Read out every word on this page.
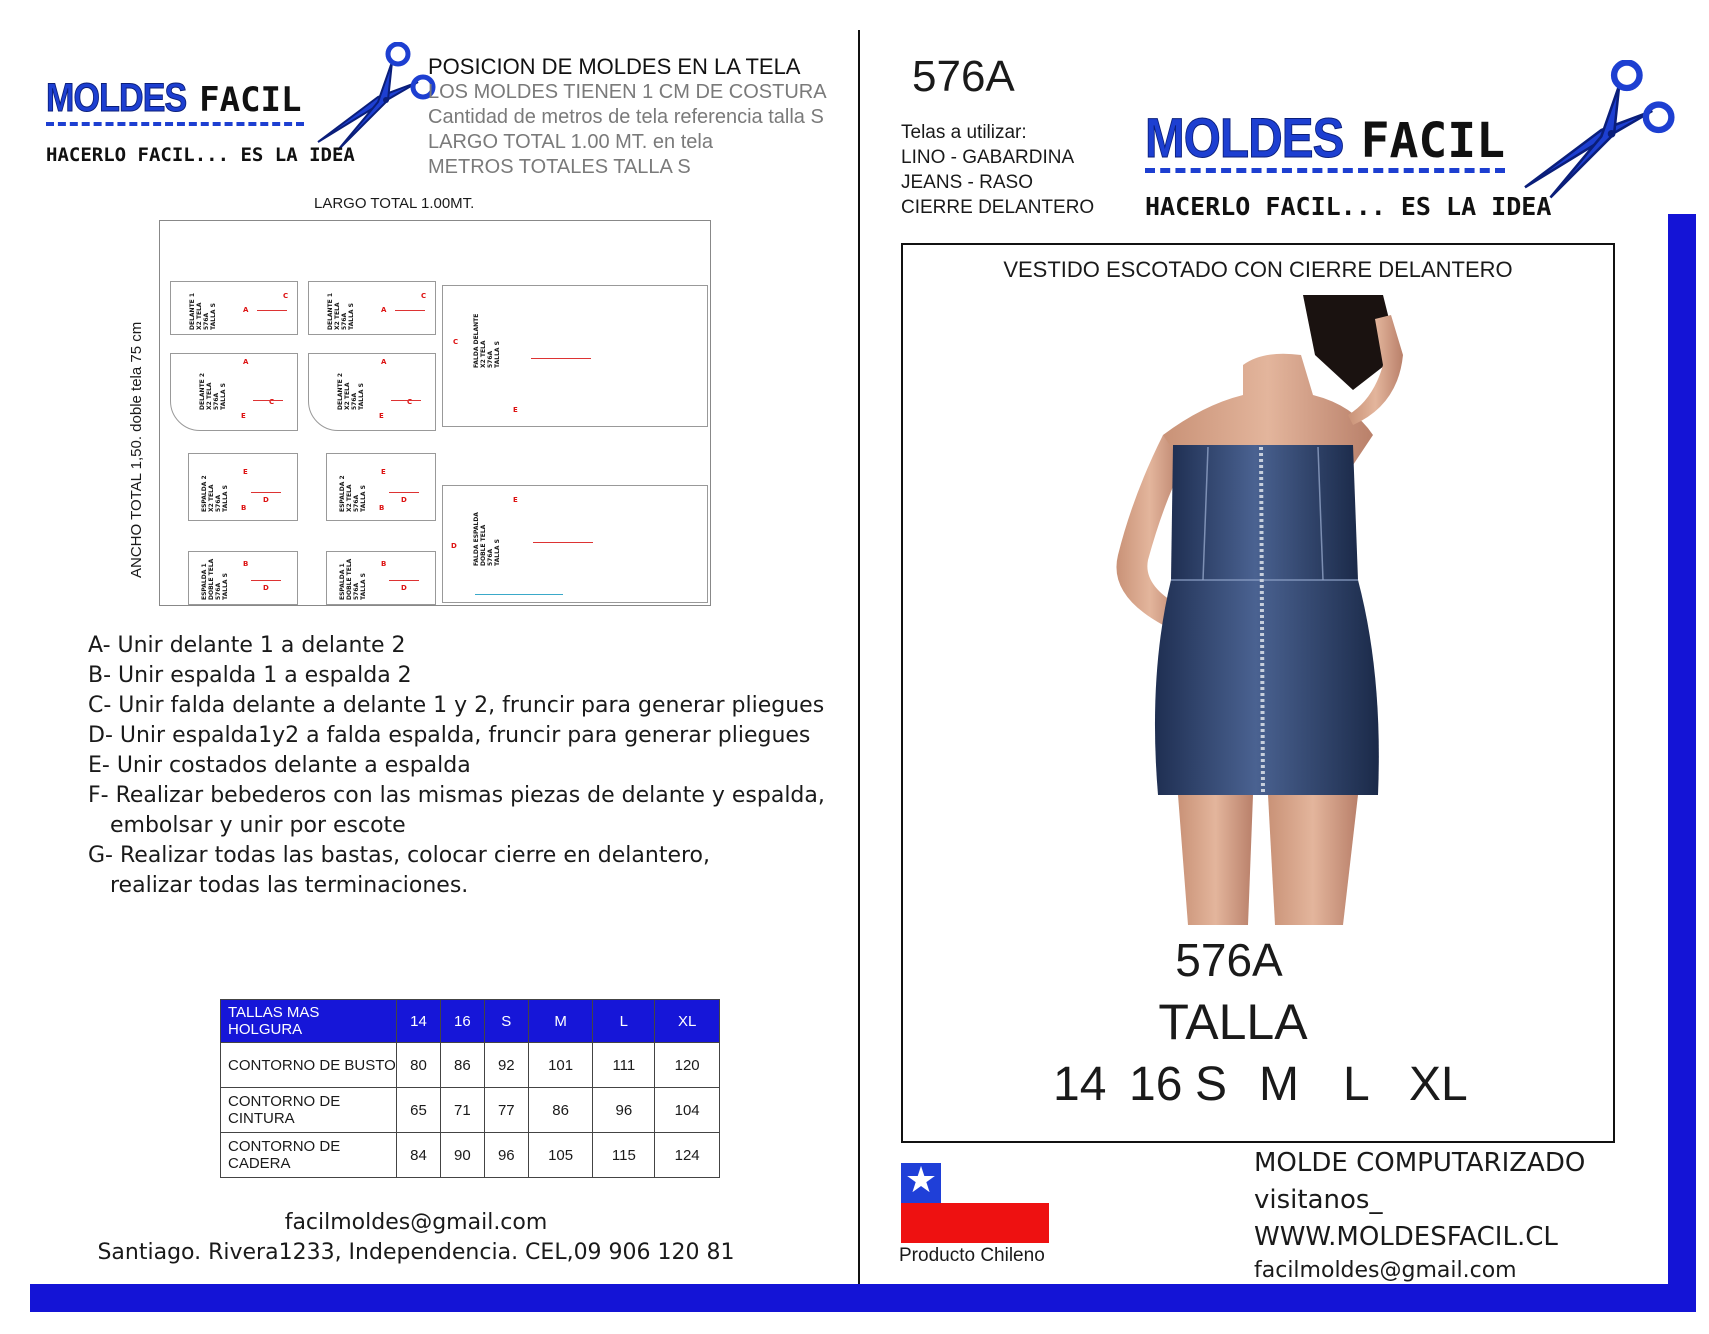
MOLDES FACIL
HACERLO FACIL... ES LA IDEA
POSICION DE MOLDES EN LA TELA
LOS MOLDES TIENEN 1 CM DE COSTURA
Cantidad de metros de tela referencia talla S
LARGO TOTAL 1.00 MT. en tela
METROS TOTALES TALLA S
LARGO TOTAL 1.00MT.
ANCHO TOTAL 1,50. doble tela 75 cm
DELANTE 1
X2 TELA
576A
TALLA S
A
C
DELANTE 1
X2 TELA
576A
TALLA S
A
C
DELANTE 2
X2 TELA
576A
TALLA S
A
E
C	DELANTE 2
X2 TELA
576A
TALLA S
A
E
C
ESPALDA 2
X2 TELA
576A
TALLA S
E
B
D	ESPALDA 2
X2 TELA
576A
TALLA S
E
B
D
ESPALDA 1
DOBLE TELA
576A
TALLA S
B
D	ESPALDA 1
DOBLE TELA
576A
TALLA S
B
D
FALDA DELANTE
X2 TELA
576A
TALLA S
C
E
FALDA ESPALDA
DOBLE TELA
576A
TALLA S
E
D
A- Unir delante 1 a delante 2
B- Unir espalda 1 a espalda 2
C- Unir falda delante a delante 1 y 2, fruncir para generar pliegues
D- Unir espalda1y2 a falda espalda, fruncir para generar pliegues
E- Unir costados delante a espalda
F- Realizar bebederos con las mismas piezas de delante y espalda,
embolsar y unir por escote
G- Realizar todas las bastas, colocar cierre en delantero,
realizar todas las terminaciones.
TALLAS MAS HOLGURA	14	16	S	M	L	XL
CONTORNO DE BUSTO	80	86	92	101	111	120
CONTORNO DE CINTURA	65	71	77	86	96	104
CONTORNO DE CADERA	84	90	96	105	115	124
facilmoldes@gmail.com
Santiago. Rivera1233, Independencia. CEL,09 906 120 81
576A
Telas a utilizar:
LINO - GABARDINA
JEANS - RASO
CIERRE DELANTERO
MOLDES FACIL
HACERLO FACIL... ES LA IDEA
VESTIDO ESCOTADO CON CIERRE DELANTERO
576A
TALLA
14 16 S M L XL
★
Producto Chileno
MOLDE COMPUTARIZADO
visitanos_
WWW.MOLDESFACIL.CL
facilmoldes@gmail.com
